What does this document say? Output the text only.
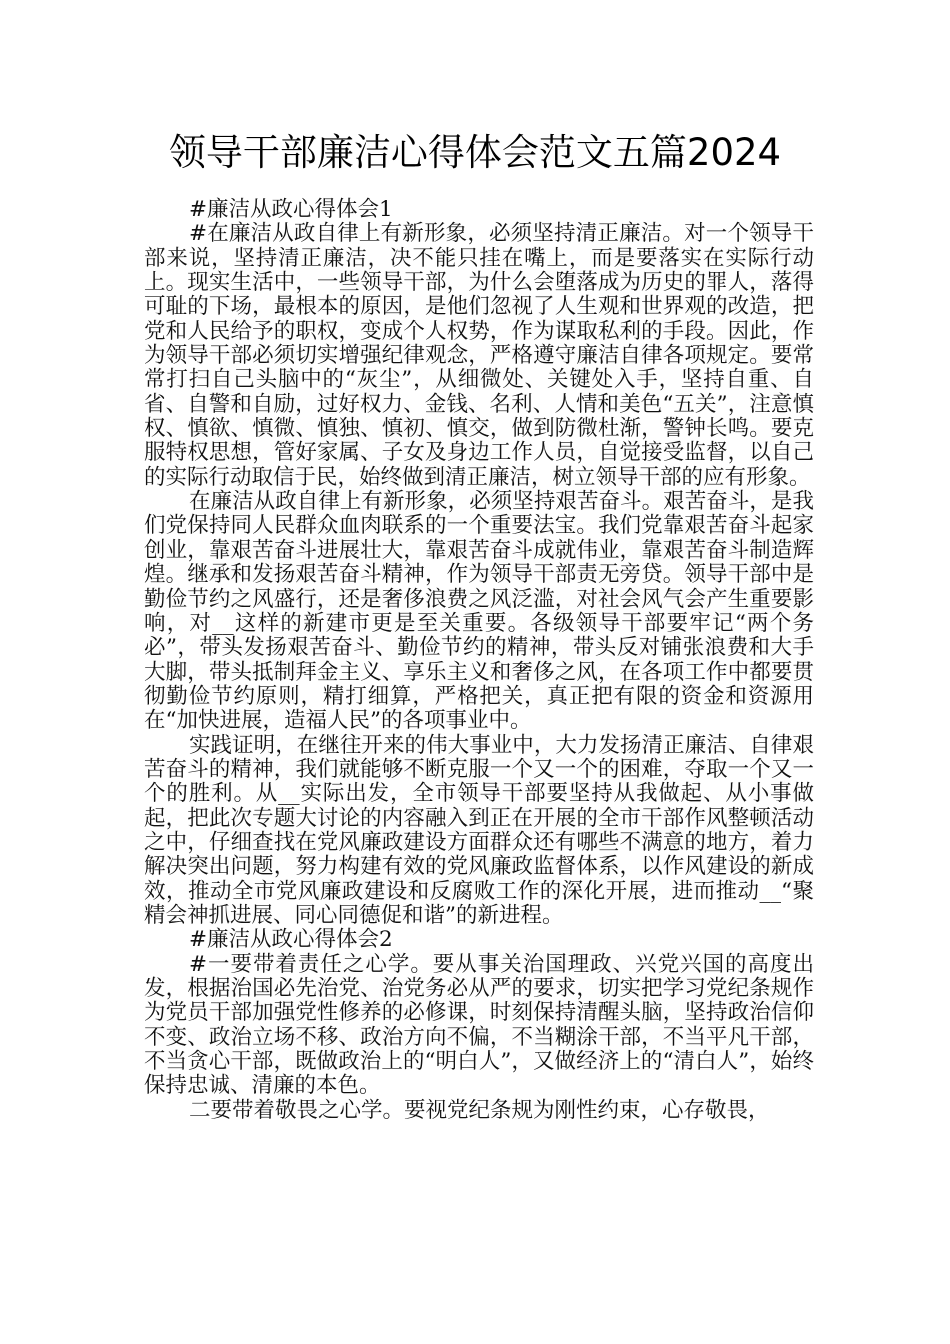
领导干部廉洁心得体会范文五篇2024

#廉洁从政心得体会1

#在廉洁从政自律上有新形象，必须坚持清正廉洁。对一个领导干部来说，坚持清正廉洁，决不能只挂在嘴上，而是要落实在实际行动上。现实生活中，一些领导干部，为什么会堕落成为历史的罪人，落得可耻的下场，最根本的原因，是他们忽视了人生观和世界观的改造，把党和人民给予的职权，变成个人权势，作为谋取私利的手段。因此，作为领导干部必须切实增强纪律观念，严格遵守廉洁自律各项规定。要常常打扫自己头脑中的“灰尘”，从细微处、关键处入手，坚持自重、自省、自警和自励，过好权力、金钱、名利、人情和美色“五关”，注意慎权、慎欲、慎微、慎独、慎初、慎交，做到防微杜渐，警钟长鸣。要克服特权思想，管好家属、子女及身边工作人员，自觉接受监督，以自己的实际行动取信于民，始终做到清正廉洁，树立领导干部的应有形象。

在廉洁从政自律上有新形象，必须坚持艰苦奋斗。艰苦奋斗，是我们党保持同人民群众血肉联系的一个重要法宝。我们党靠艰苦奋斗起家创业，靠艰苦奋斗进展壮大，靠艰苦奋斗成就伟业，靠艰苦奋斗制造辉煌。继承和发扬艰苦奋斗精神，作为领导干部责无旁贷。领导干部中是勤俭节约之风盛行，还是奢侈浪费之风泛滥，对社会风气会产生重要影响，对__这样的新建市更是至关重要。各级领导干部要牢记“两个务必”，带头发扬艰苦奋斗、勤俭节约的精神，带头反对铺张浪费和大手大脚，带头抵制拜金主义、享乐主义和奢侈之风，在各项工作中都要贯彻勤俭节约原则，精打细算，严格把关，真正把有限的资金和资源用在“加快进展，造福人民”的各项事业中。

实践证明，在继往开来的伟大事业中，大力发扬清正廉洁、自律艰苦奋斗的精神，我们就能够不断克服一个又一个的困难，夺取一个又一个的胜利。从__实际出发，全市领导干部要坚持从我做起、从小事做起，把此次专题大讨论的内容融入到正在开展的全市干部作风整顿活动之中，仔细查找在党风廉政建设方面群众还有哪些不满意的地方，着力解决突出问题，努力构建有效的党风廉政监督体系，以作风建设的新成效，推动全市党风廉政建设和反腐败工作的深化开展，进而推动__“聚精会神抓进展、同心同德促和谐”的新进程。

#廉洁从政心得体会2

#一要带着责任之心学。要从事关治国理政、兴党兴国的高度出发，根据治国必先治党、治党务必从严的要求，切实把学习党纪条规作为党员干部加强党性修养的必修课，时刻保持清醒头脑，坚持政治信仰不变、政治立场不移、政治方向不偏，不当糊涂干部，不当平凡干部，不当贪心干部，既做政治上的“明白人”，又做经济上的“清白人”，始终保持忠诚、清廉的本色。

二要带着敬畏之心学。要视党纪条规为刚性约束，心存敬畏，
